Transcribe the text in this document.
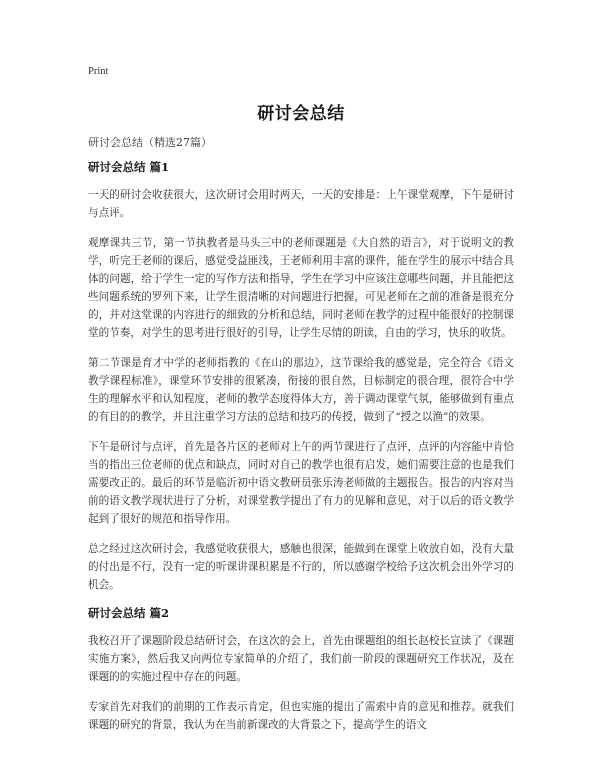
Print
研讨会总结
研讨会总结（精选27篇）
研讨会总结 篇1

一天的研讨会收获很大，这次研讨会用时两天，一天的安排是：上午课堂观摩，下午是研讨与点评。

观摩课共三节，第一节执教者是马头三中的老师课题是《大自然的语言》，对于说明文的教学，听完王老师的课后，感觉受益匪浅，王老师利用丰富的课件，能在学生的展示中结合具体的问题，给于学生一定的写作方法和指导，学生在学习中应该注意哪些问题，并且能把这些问题系统的罗列下来，让学生很清晰的对问题进行把握，可见老师在之前的准备是很充分的，并对这堂课的内容进行的细致的分析和总结，同时老师在教学的过程中能很好的控制课堂的节奏，对学生的思考进行很好的引导，让学生尽情的朗读，自由的学习，快乐的收货。

第二节课是育才中学的老师指教的《在山的那边》，这节课给我的感觉是，完全符合《语文教学课程标准》，课堂环节安排的很紧凑，衔接的很自然，目标制定的很合理，很符合中学生的理解水平和认知程度，老师的教学态度得体大方，善于调动课堂气氛，能够做到有重点的有目的的教学，并且注重学习方法的总结和技巧的传授，做到了“授之以渔”的效果。

下午是研讨与点评，首先是各片区的老师对上午的两节课进行了点评，点评的内容能中肯恰当的指出三位老师的优点和缺点，同时对自己的教学也很有启发，她们需要注意的也是我们需要改正的。最后的环节是临沂初中语文教研员张乐涛老师做的主题报告。报告的内容对当前的语文教学现状进行了分析，对课堂教学提出了有力的见解和意见，对于以后的语文教学起到了很好的规范和指导作用。

总之经过这次研讨会，我感觉收获很大，感触也很深，能做到在课堂上收放自如，没有大量的付出是不行，没有一定的听课讲课积累是不行的，所以感谢学校给予这次机会出外学习的机会。

研讨会总结 篇2

我校召开了课题阶段总结研讨会，在这次的会上，首先由课题组的组长赵校长宣读了《课题实施方案》，然后我又向两位专家简单的介绍了，我们前一阶段的课题研究工作状况，及在课题的的实施过程中存在的问题。

专家首先对我们的前期的工作表示肯定，但也实施的提出了需索中肯的意见和推荐。就我们课题的研究的背景，我认为在当前新课改的大背景之下，提高学生的语文
